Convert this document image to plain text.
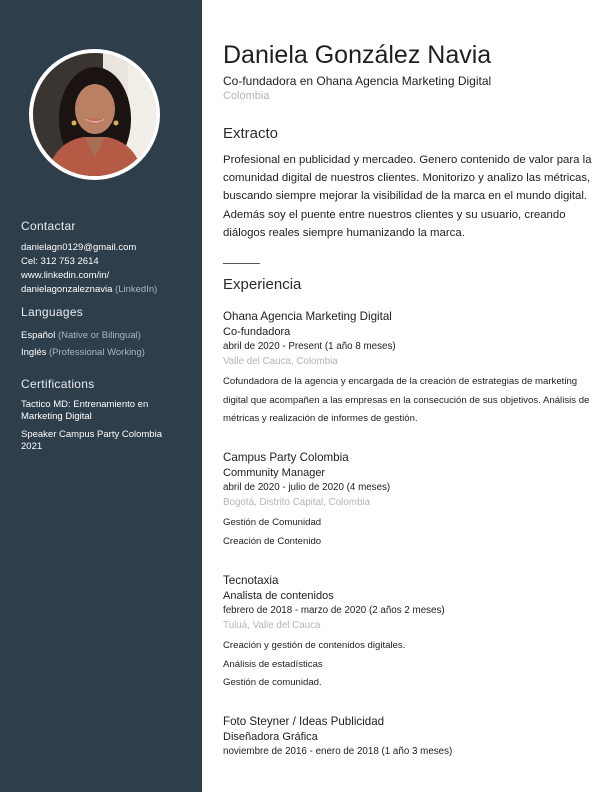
Contactar
danielagn0129@gmail.com
Cel: 312 753 2614
www.linkedin.com/in/
danielagonzaleznavia (LinkedIn)
Languages
Español (Native or Bilingual)
Inglés (Professional Working)
Certifications
Tactico MD: Entrenamiento en
Marketing Digital
Speaker Campus Party Colombia
2021
Daniela González Navia
Co-fundadora en Ohana Agencia Marketing Digital
Colombia
Extracto
Profesional en publicidad y mercadeo. Genero contenido de valor para la comunidad digital de nuestros clientes. Monitorizo y analizo las métricas, buscando siempre mejorar la visibilidad de la marca en el mundo digital. Además soy el puente entre nuestros clientes y su usuario, creando diálogos reales siempre humanizando la marca.
Experiencia
Ohana Agencia Marketing Digital
Co-fundadora
abril de 2020 - Present (1 año 8 meses)
Valle del Cauca, Colombia
Cofundadora de la agencia y encargada de la creación de estrategias de marketing digital que acompañen a las empresas en la consecución de sus objetivos. Análisis de métricas y realización de informes de gestión.
Campus Party Colombia
Community Manager
abril de 2020 - julio de 2020 (4 meses)
Bogotá, Distrito Capital, Colombia
Gestión de Comunidad
Creación de Contenido
Tecnotaxia
Analista de contenidos
febrero de 2018 - marzo de 2020 (2 años 2 meses)
Tuluá, Valle del Cauca
Creación y gestión de contenidos digitales.
Análisis de estadísticas
Gestión de comunidad.
Foto Steyner / Ideas Publicidad
Diseñadora Gráfica
noviembre de 2016 - enero de 2018 (1 año 3 meses)
